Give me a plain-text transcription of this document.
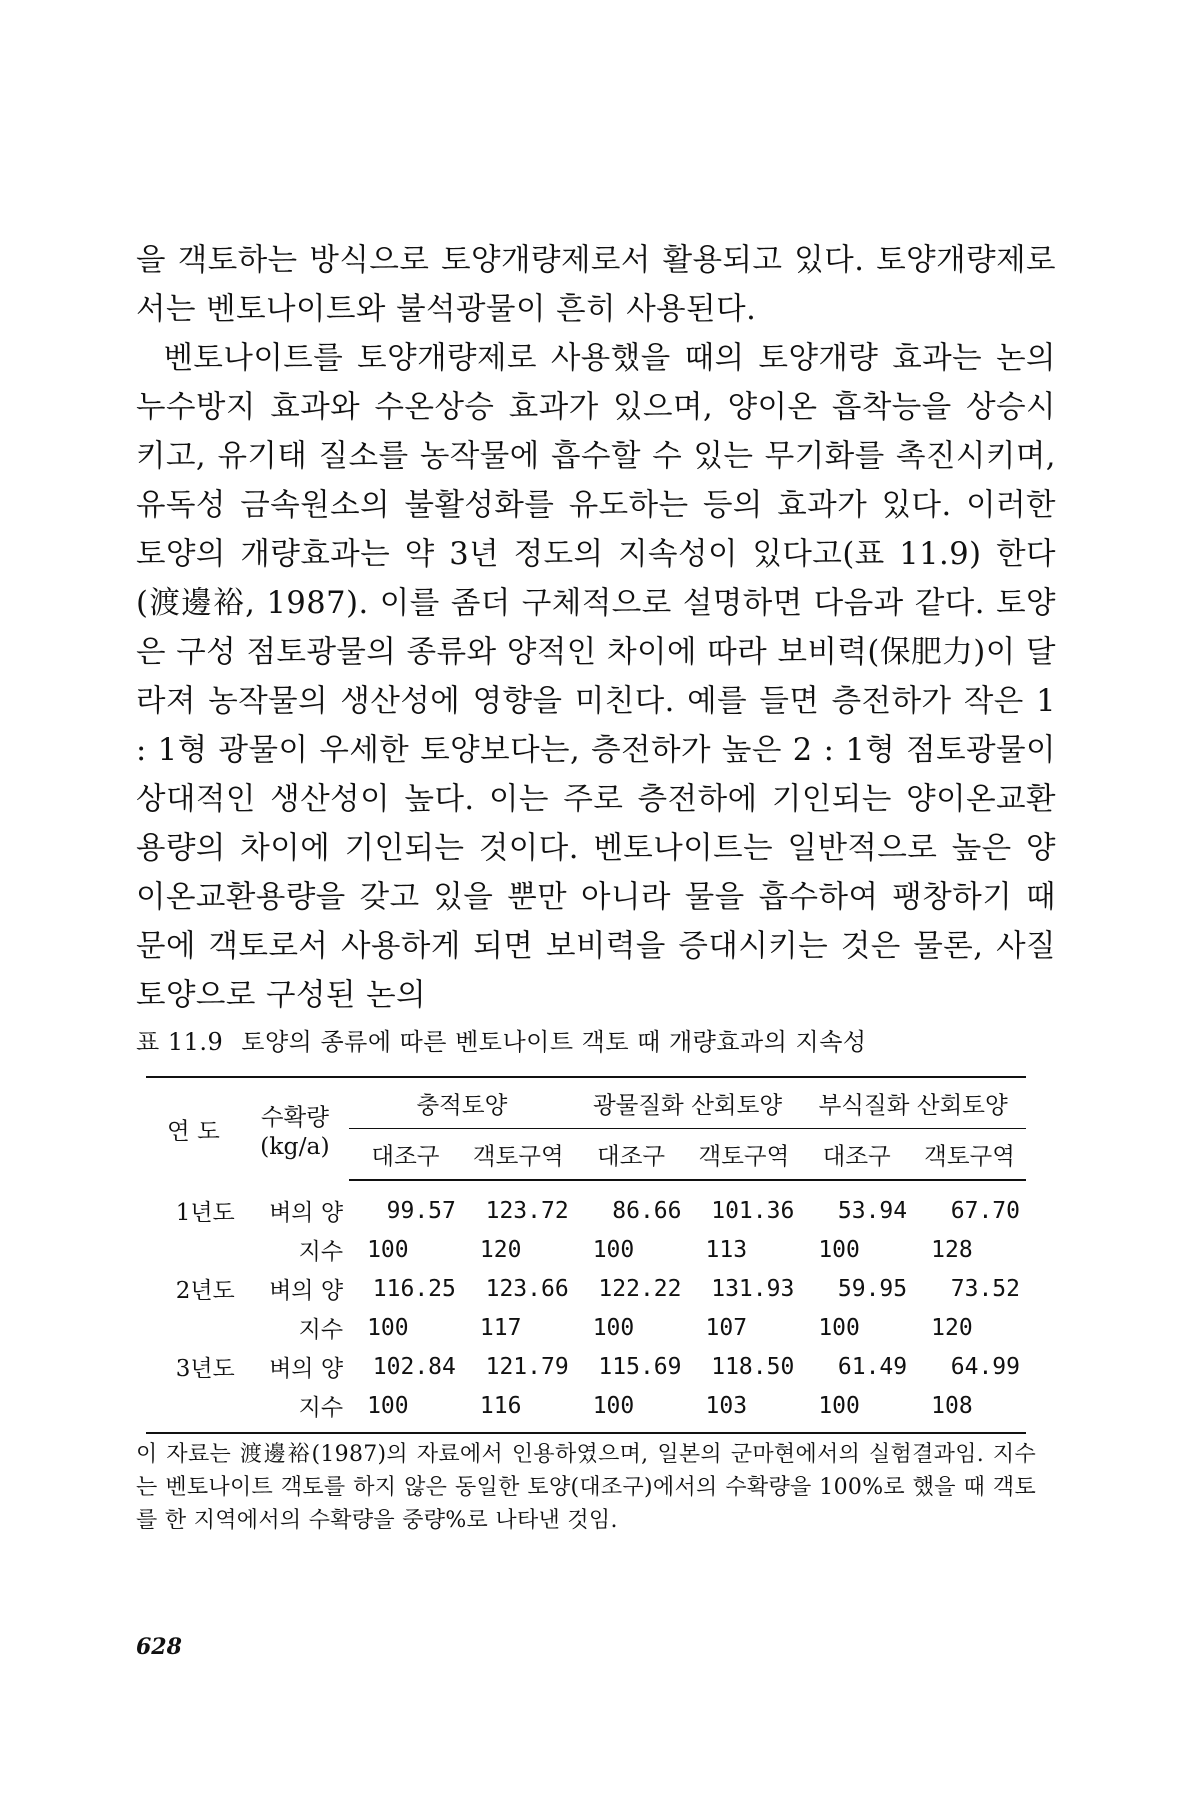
을 객토하는 방식으로 토양개량제로서 활용되고 있다. 토양개량제로서는 벤토나이트와 불석광물이 흔히 사용된다.

벤토나이트를 토양개량제로 사용했을 때의 토양개량 효과는 논의 누수방지 효과와 수온상승 효과가 있으며, 양이온 흡착능을 상승시키고, 유기태 질소를 농작물에 흡수할 수 있는 무기화를 촉진시키며, 유독성 금속원소의 불활성화를 유도하는 등의 효과가 있다. 이러한 토양의 개량효과는 약 3년 정도의 지속성이 있다고(표 11.9) 한다(渡邊裕, 1987). 이를 좀더 구체적으로 설명하면 다음과 같다. 토양은 구성 점토광물의 종류와 양적인 차이에 따라 보비력(保肥力)이 달라져 농작물의 생산성에 영향을 미친다. 예를 들면 층전하가 작은 1 : 1형 광물이 우세한 토양보다는, 층전하가 높은 2 : 1형 점토광물이 상대적인 생산성이 높다. 이는 주로 층전하에 기인되는 양이온교환용량의 차이에 기인되는 것이다. 벤토나이트는 일반적으로 높은 양이온교환용량을 갖고 있을 뿐만 아니라 물을 흡수하여 팽창하기 때문에 객토로서 사용하게 되면 보비력을 증대시키는 것은 물론, 사질토양으로 구성된 논의

표 11.9 토양의 종류에 따른 벤토나이트 객토 때 개량효과의 지속성
연 도	수확량
(kg/a)	충적토양		광물질화 산회토양		부식질화 산회토양	
		대조구	객토구역	대조구	객토구역	대조구	객토구역
1년도	벼의 양	99.57	123.72	86.66	101.36	53.94	67.70
	지수	100	120	100	113	100	128
2년도	벼의 양	116.25	123.66	122.22	131.93	59.95	73.52
	지수	100	117	100	107	100	120
3년도	벼의 양	102.84	121.79	115.69	118.50	61.49	64.99
	지수	100	116	100	103	100	108
이 자료는 渡邊裕(1987)의 자료에서 인용하였으며, 일본의 군마현에서의 실험결과임. 지수는 벤토나이트 객토를 하지 않은 동일한 토양(대조구)에서의 수확량을 100%로 했을 때 객토를 한 지역에서의 수확량을 중량%로 나타낸 것임.
628
